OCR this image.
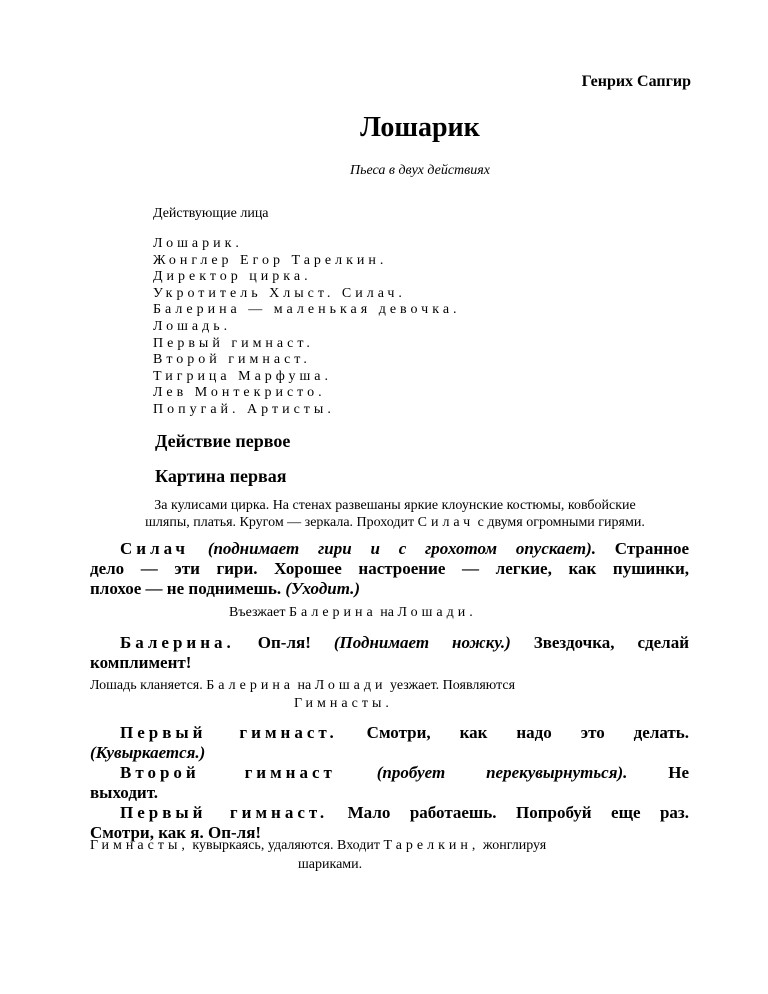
Генрих Сапгир
Лошарик
Пьеса в двух действиях
Действующие лица
Лошарик.
Жонглер Егор Тарелкин.
Директор цирка.
Укротитель Хлыст. Силач.
Балерина — маленькая девочка.
Лошадь.
Первый гимнаст.
Второй гимнаст.
Тигрица Марфуша.
Лев Монтекристо.
Попугай. Артисты.
Действие первое
Картина первая
За кулисами цирка. На стенах развешаны яркие клоунские костюмы, ковбойские
шляпы, платья. Кругом — зеркала. Проходит Силач с двумя огромными гирями.
Силач (поднимает гири и с грохотом опускает). Странное
дело — эти гири. Хорошее настроение — легкие, как пушинки,
плохое — не поднимешь. (Уходит.)
Въезжает Балерина на Лошади.
Балерина. Оп-ля! (Поднимает ножку.) Звездочка, сделай
комплимент!
Лошадь кланяется. Балерина на Лошади уезжает. Появляются
Гимнасты.
Первый гимнаст. Смотри, как надо это делать.
(Кувыркается.)
Второй гимнаст (пробует перекувырнуться). Не
выходит.
Первый гимнаст. Мало работаешь. Попробуй еще раз.
Смотри, как я. Оп-ля!
Гимнасты, кувыркаясь, удаляются. Входит Тарелкин, жонглируя
шариками.
